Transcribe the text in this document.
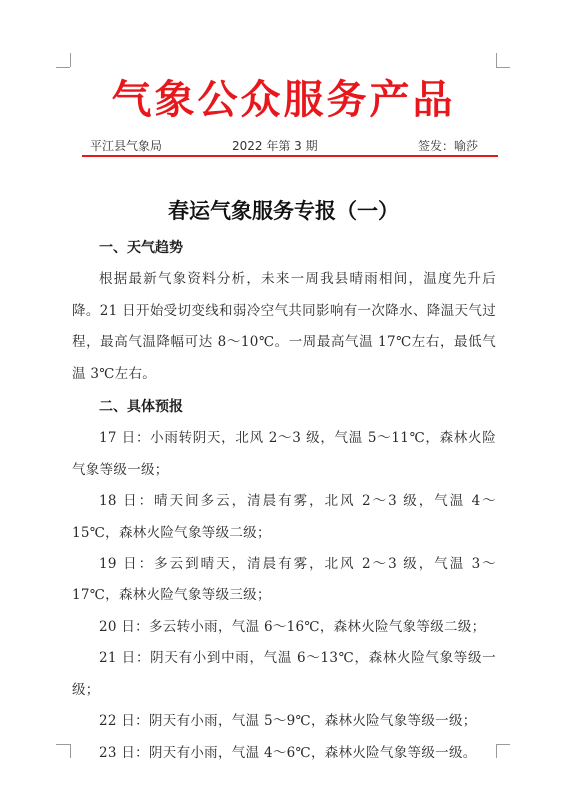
气象公众服务产品
平江县气象局	2022 年第 3 期	签发：喻莎
春运气象服务专报（一）

一、天气趋势

根据最新气象资料分析，未来一周我县晴雨相间，温度先升后降。21 日开始受切变线和弱冷空气共同影响有一次降水、降温天气过程，最高气温降幅可达 8～10℃。一周最高气温 17℃左右，最低气温 3℃左右。

二、具体预报

17 日：小雨转阴天，北风 2～3 级，气温 5～11℃，森林火险气象等级一级；

18 日：晴天间多云，清晨有雾，北风 2～3 级，气温 4～15℃，森林火险气象等级二级；

19 日：多云到晴天，清晨有雾，北风 2～3 级，气温 3～17℃，森林火险气象等级三级；

20 日：多云转小雨，气温 6～16℃，森林火险气象等级二级；

21 日：阴天有小到中雨，气温 6～13℃，森林火险气象等级一级；

22 日：阴天有小雨，气温 5～9℃，森林火险气象等级一级；

23 日：阴天有小雨，气温 4～6℃，森林火险气象等级一级。
